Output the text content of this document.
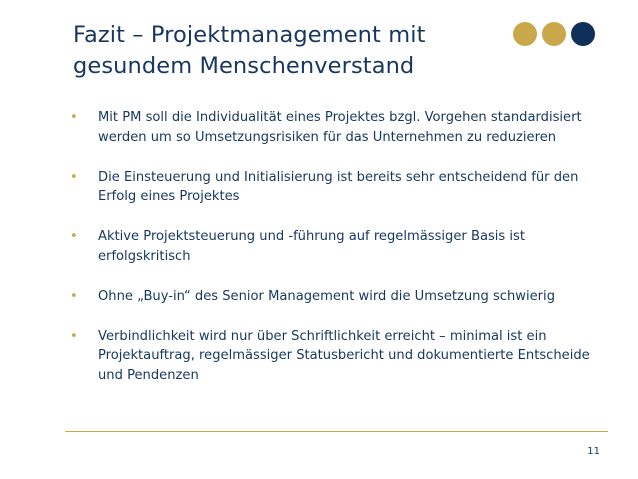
Fazit – Projektmanagement mit
gesundem Menschenverstand
• Mit PM soll die Individualität eines Projektes bzgl. Vorgehen standardisiert werden um so Umsetzungsrisiken für das Unternehmen zu reduzieren
• Die Einsteuerung und Initialisierung ist bereits sehr entscheidend für den Erfolg eines Projektes
• Aktive Projektsteuerung und -führung auf regelmässiger Basis ist erfolgskritisch
• Ohne „Buy-in“ des Senior Management wird die Umsetzung schwierig
• Verbindlichkeit wird nur über Schriftlichkeit erreicht – minimal ist ein Projektauftrag, regelmässiger Statusbericht und dokumentierte Entscheide und Pendenzen
11
